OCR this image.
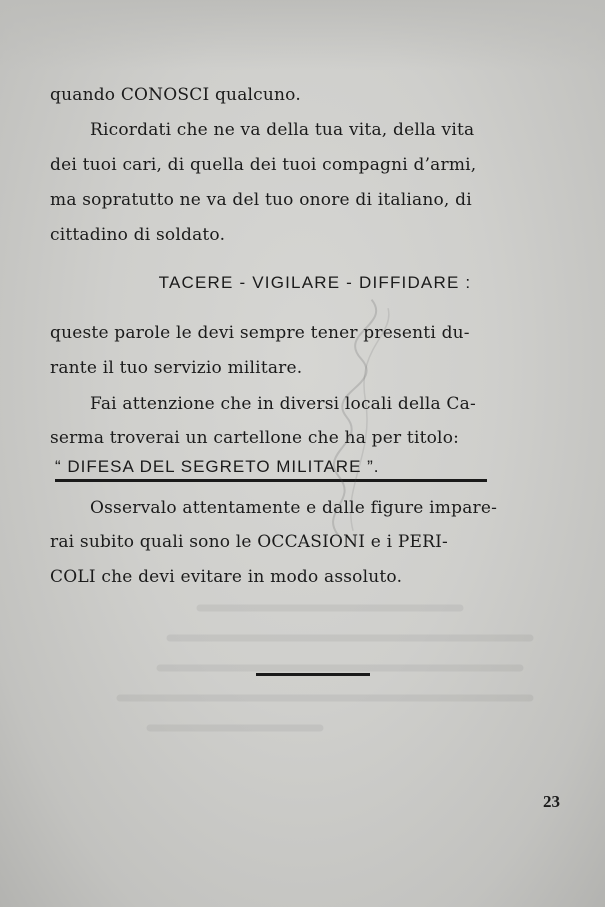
quando CONOSCI qualcuno.
Ricordati che ne va della tua vita, della vita
dei tuoi cari, di quella dei tuoi compagni d’armi,
ma sopratutto ne va del tuo onore di italiano, di
cittadino di soldato.
TACERE - VIGILARE - DIFFIDARE :
queste parole le devi sempre tener presenti du-
rante il tuo servizio militare.
Fai attenzione che in diversi locali della Ca-
serma troverai un cartellone che ha per titolo:
“ DIFESA DEL SEGRETO MILITARE ”.
Osservalo attentamente e dalle figure impare-
rai subito quali sono le OCCASIONI e i PERI-
COLI che devi evitare in modo assoluto.
23
